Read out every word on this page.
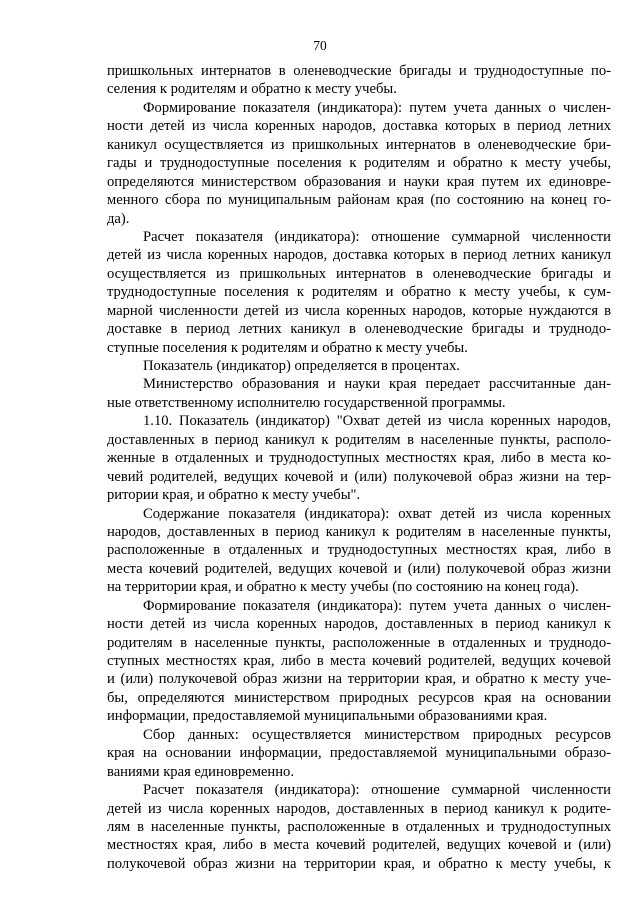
70
пришкольных интернатов в оленеводческие бригады и труднодоступные по-
селения к родителям и обратно к месту учебы.
Формирование показателя (индикатора): путем учета данных о числен-
ности детей из числа коренных народов, доставка которых в период летних
каникул осуществляется из пришкольных интернатов в оленеводческие бри-
гады и труднодоступные поселения к родителям и обратно к месту учебы,
определяются министерством образования и науки края путем их единовре-
менного сбора по муниципальным районам края (по состоянию на конец го-
да).
Расчет показателя (индикатора): отношение суммарной численности
детей из числа коренных народов, доставка которых в период летних каникул
осуществляется из пришкольных интернатов в оленеводческие бригады и
труднодоступные поселения к родителям и обратно к месту учебы, к сум-
марной численности детей из числа коренных народов, которые нуждаются в
доставке в период летних каникул в оленеводческие бригады и труднодо-
ступные поселения к родителям и обратно к месту учебы.
Показатель (индикатор) определяется в процентах.
Министерство образования и науки края передает рассчитанные дан-
ные ответственному исполнителю государственной программы.
1.10. Показатель (индикатор) "Охват детей из числа коренных народов,
доставленных в период каникул к родителям в населенные пункты, располо-
женные в отдаленных и труднодоступных местностях края, либо в места ко-
чевий родителей, ведущих кочевой и (или) полукочевой образ жизни на тер-
ритории края, и обратно к месту учебы".
Содержание показателя (индикатора): охват детей из числа коренных
народов, доставленных в период каникул к родителям в населенные пункты,
расположенные в отдаленных и труднодоступных местностях края, либо в
места кочевий родителей, ведущих кочевой и (или) полукочевой образ жизни
на территории края, и обратно к месту учебы (по состоянию на конец года).
Формирование показателя (индикатора): путем учета данных о числен-
ности детей из числа коренных народов, доставленных в период каникул к
родителям в населенные пункты, расположенные в отдаленных и труднодо-
ступных местностях края, либо в места кочевий родителей, ведущих кочевой
и (или) полукочевой образ жизни на территории края, и обратно к месту уче-
бы, определяются министерством природных ресурсов края на основании
информации, предоставляемой муниципальными образованиями края.
Сбор данных: осуществляется министерством природных ресурсов
края на основании информации, предоставляемой муниципальными образо-
ваниями края единовременно.
Расчет показателя (индикатора): отношение суммарной численности
детей из числа коренных народов, доставленных в период каникул к родите-
лям в населенные пункты, расположенные в отдаленных и труднодоступных
местностях края, либо в места кочевий родителей, ведущих кочевой и (или)
полукочевой образ жизни на территории края, и обратно к месту учебы, к
